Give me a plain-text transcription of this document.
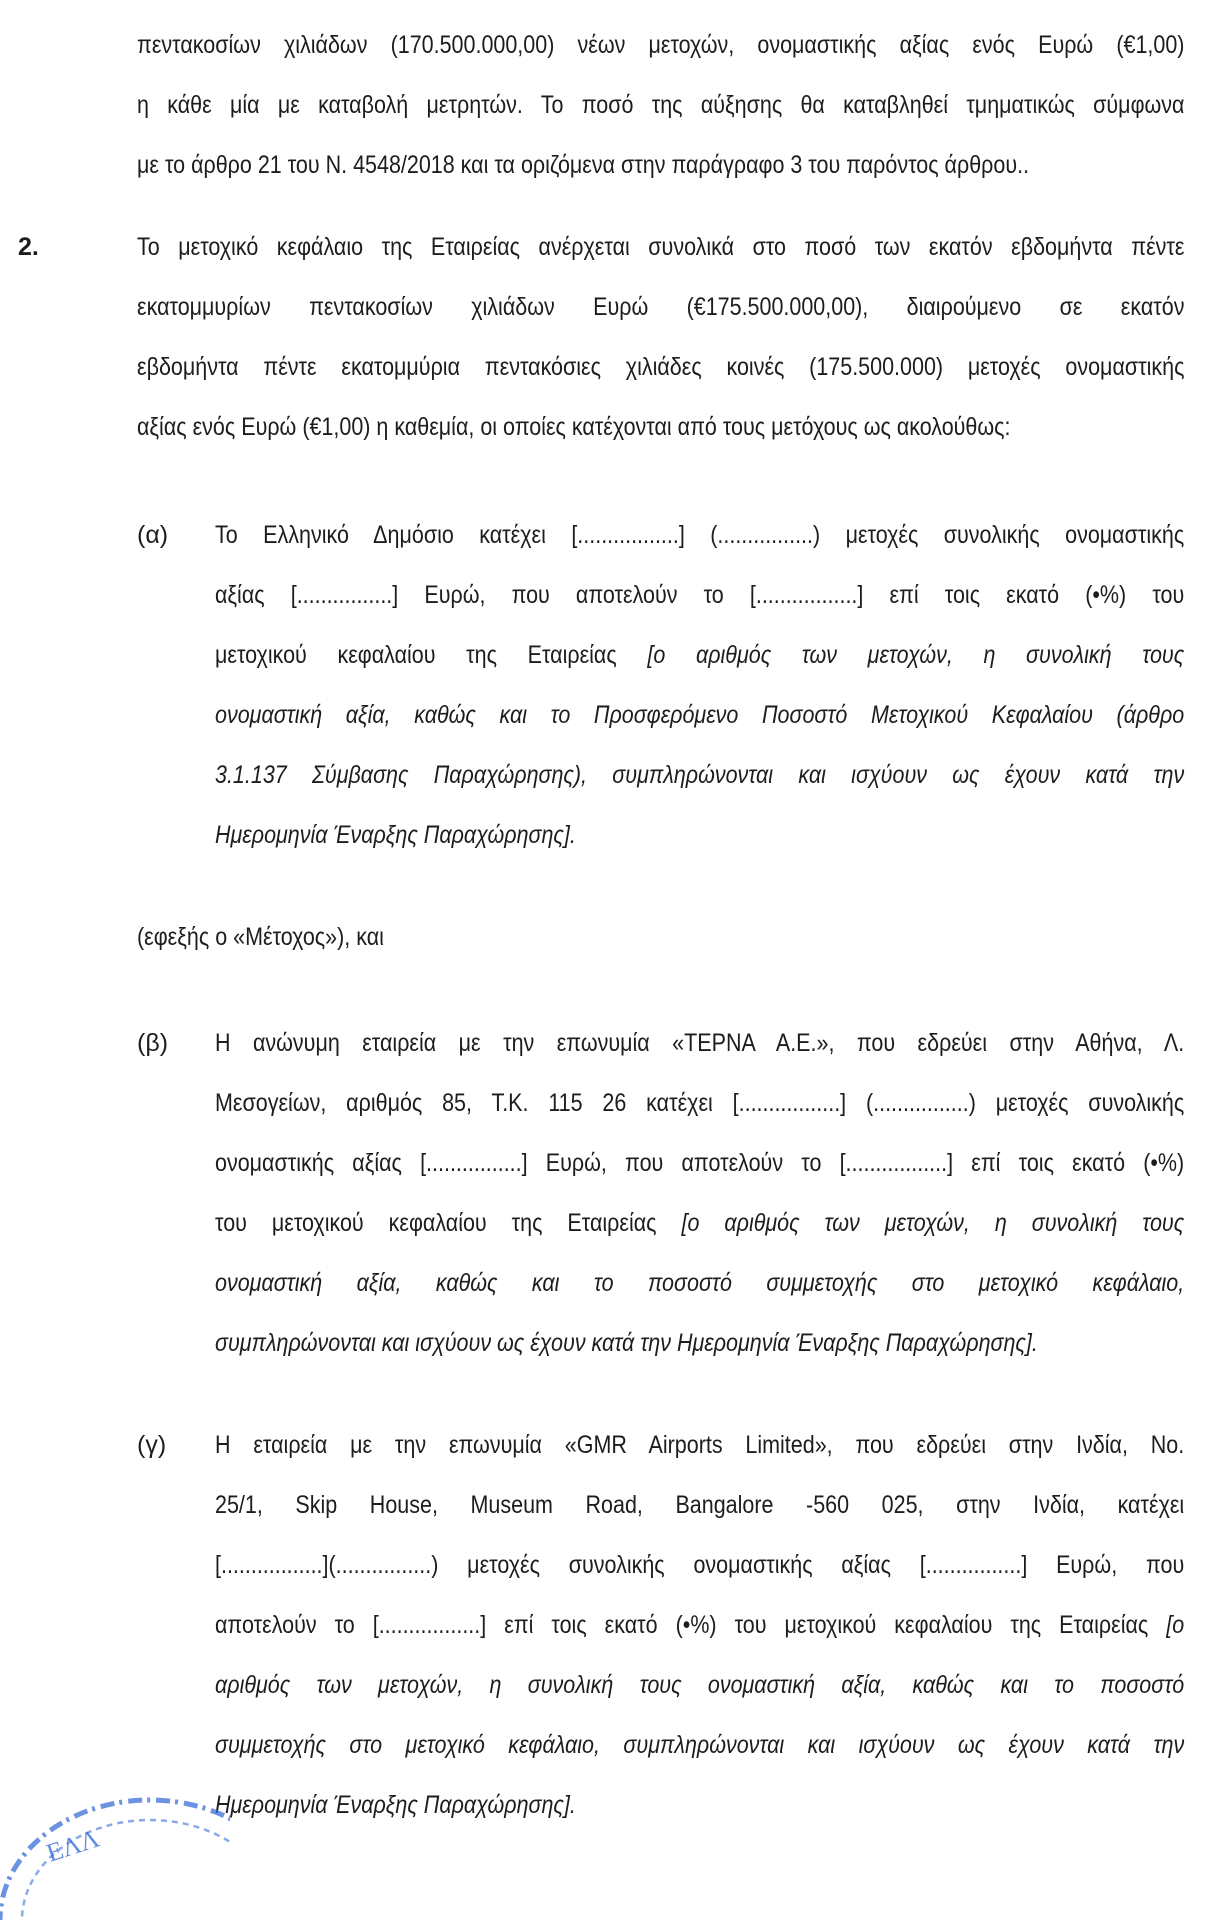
πεντακοσίων χιλιάδων (170.500.000,00) νέων μετοχών, ονομαστικής αξίας ενός Ευρώ (€1,00)
η κάθε μία με καταβολή μετρητών. Το ποσό της αύξησης θα καταβληθεί τμηματικώς σύμφωνα
με το άρθρο 21 του Ν. 4548/2018 και τα οριζόμενα στην παράγραφο 3 του παρόντος άρθρου..
2.	Το μετοχικό κεφάλαιο της Εταιρείας ανέρχεται συνολικά στο ποσό των εκατόν εβδομήντα πέντε
εκατομμυρίων πεντακοσίων χιλιάδων Ευρώ (€175.500.000,00), διαιρούμενο σε εκατόν
εβδομήντα πέντε εκατομμύρια πεντακόσιες χιλιάδες κοινές (175.500.000) μετοχές ονομαστικής
αξίας ενός Ευρώ (€1,00) η καθεμία, οι οποίες κατέχονται από τους μετόχους ως ακολούθως:
(α) Το Ελληνικό Δημόσιο κατέχει [.................] (................) μετοχές συνολικής ονομαστικής
αξίας [................] Ευρώ, που αποτελούν το [.................] επί τοις εκατό (•%) του
μετοχικού κεφαλαίου της Εταιρείας [ο αριθμός των μετοχών, η συνολική τους
ονομαστική αξία, καθώς και το Προσφερόμενο Ποσοστό Μετοχικού Κεφαλαίου (άρθρο
3.1.137 Σύμβασης Παραχώρησης), συμπληρώνονται και ισχύουν ως έχουν κατά την
Ημερομηνία Έναρξης Παραχώρησης].
(εφεξής ο «Μέτοχος»), και
(β) Η ανώνυμη εταιρεία με την επωνυμία «ΤΕΡΝΑ Α.Ε.», που εδρεύει στην Αθήνα, Λ.
Μεσογείων, αριθμός 85, Τ.Κ. 115 26 κατέχει [.................] (................) μετοχές συνολικής
ονομαστικής αξίας [................] Ευρώ, που αποτελούν το [.................] επί τοις εκατό (•%)
του μετοχικού κεφαλαίου της Εταιρείας [ο αριθμός των μετοχών, η συνολική τους
ονομαστική αξία, καθώς και το ποσοστό συμμετοχής στο μετοχικό κεφάλαιο,
συμπληρώνονται και ισχύουν ως έχουν κατά την Ημερομηνία Έναρξης Παραχώρησης].
(γ) Η εταιρεία με την επωνυμία «GMR Airports Limited», που εδρεύει στην Ινδία, No.
25/1, Skip House, Museum Road, Bangalore -560 025, στην Ινδία, κατέχει
[.................](................) μετοχές συνολικής ονομαστικής αξίας [................] Ευρώ, που
αποτελούν το [.................] επί τοις εκατό (•%) του μετοχικού κεφαλαίου της Εταιρείας [ο
αριθμός των μετοχών, η συνολική τους ονομαστική αξία, καθώς και το ποσοστό
συμμετοχής στο μετοχικό κεφάλαιο, συμπληρώνονται και ισχύουν ως έχουν κατά την
Ημερομηνία Έναρξης Παραχώρησης].
ΕΛΛ
